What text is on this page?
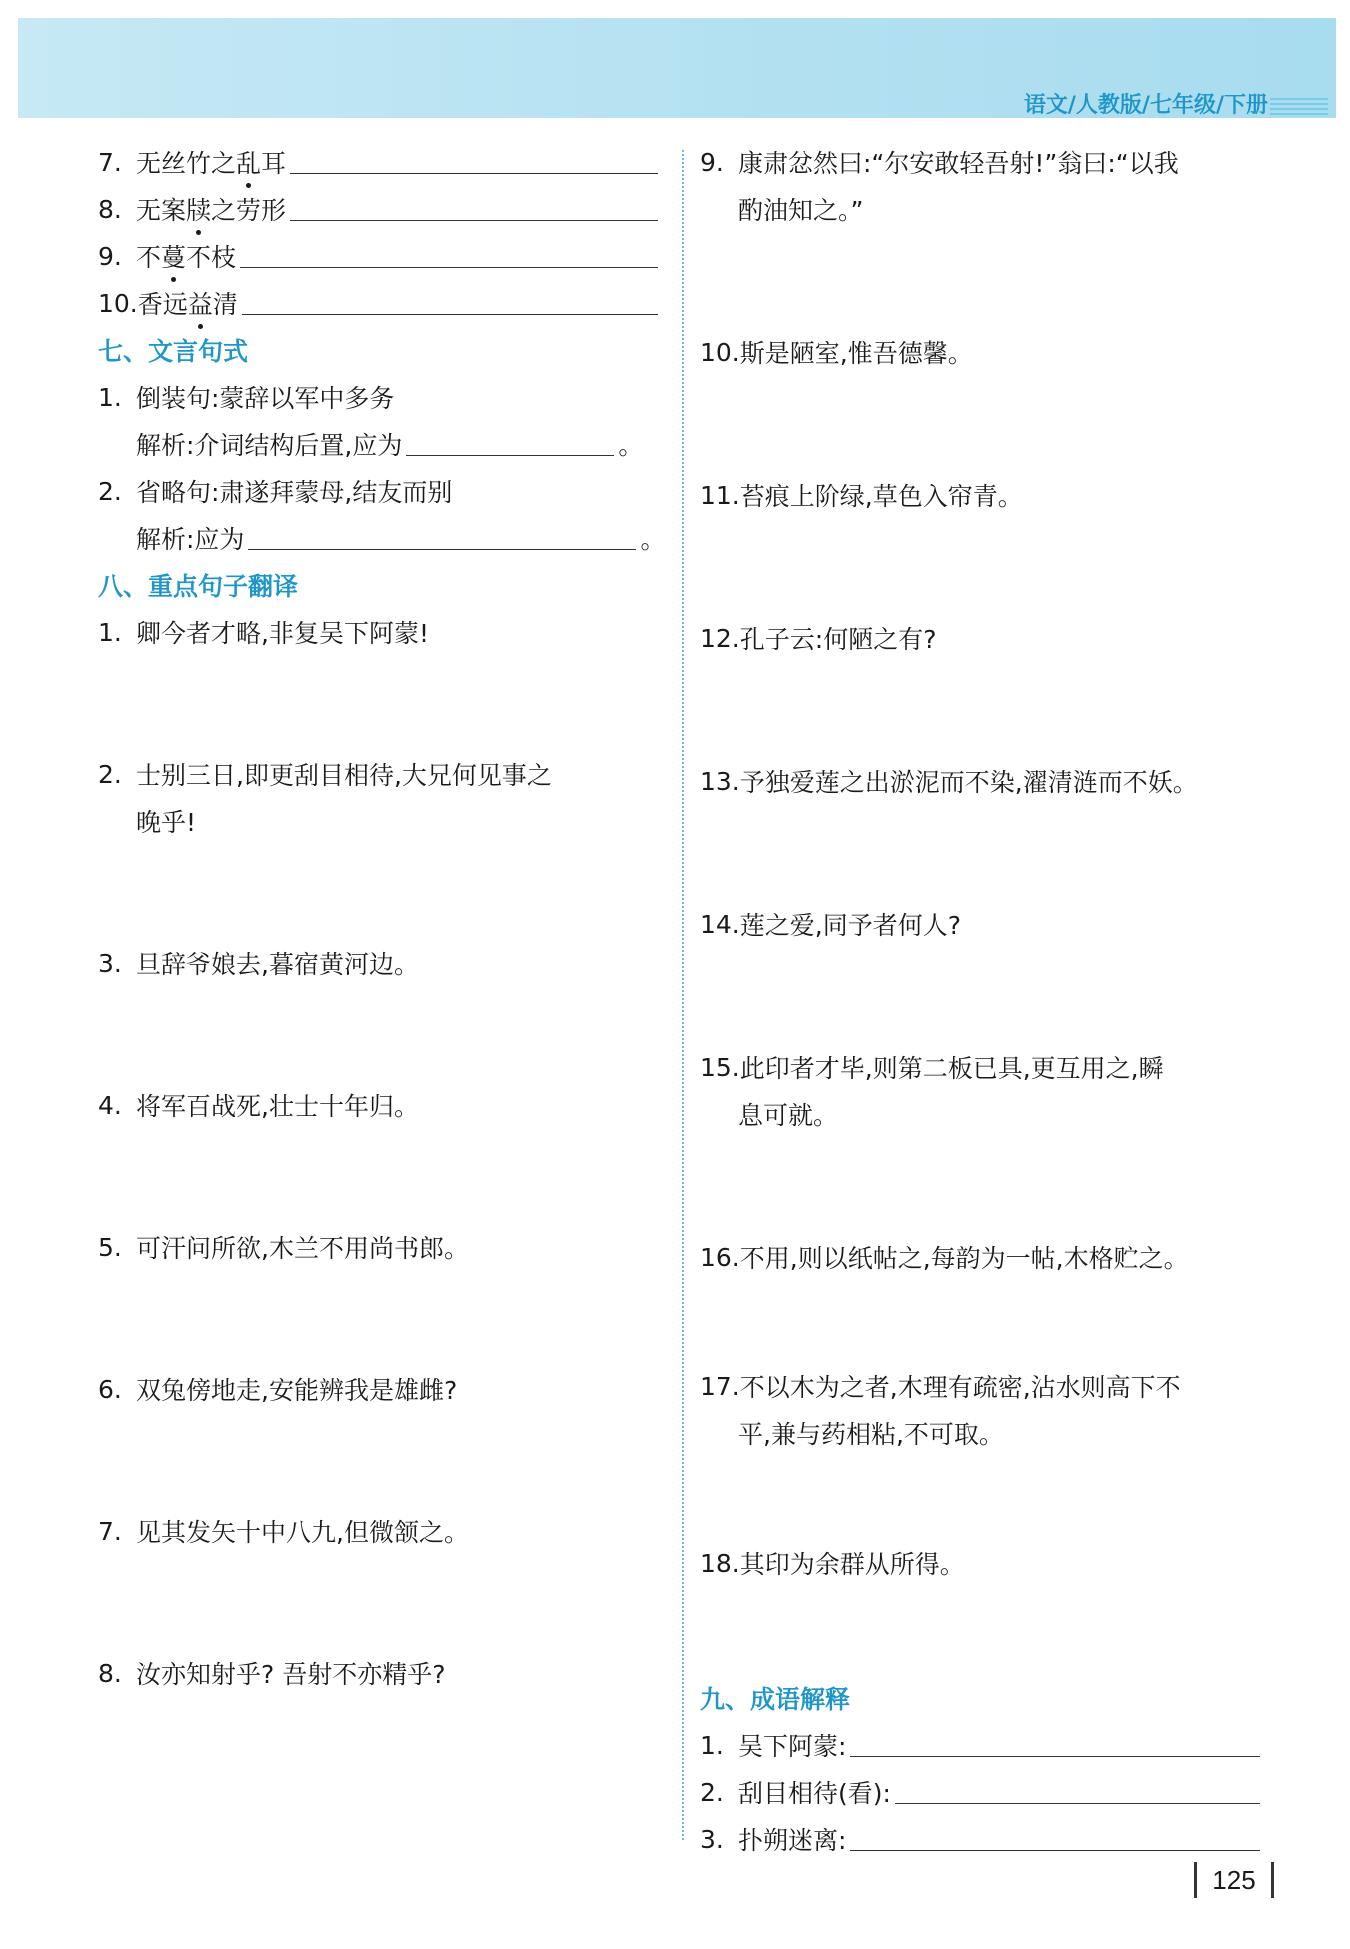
语文/人教版/七年级/下册
7. 无丝竹之 乱 耳
8. 无案 牍 之劳形
9. 不 蔓 不枝
10. 香远 益 清
七、文言句式
1. 倒装句:蒙辞以军中多务
解析:介词结构后置,应为	。
2. 省略句:肃遂拜蒙母,结友而别
解析:应为	。
八、重点句子翻译
1. 卿今者才略,非复吴下阿蒙!
2. 士别三日,即更刮目相待,大兄何见事之
晚乎!
3. 旦辞爷娘去,暮宿黄河边。
4. 将军百战死,壮士十年归。
5. 可汗问所欲,木兰不用尚书郎。
6. 双兔傍地走,安能辨我是雄雌?
7. 见其发矢十中八九,但微颔之。
8. 汝亦知射乎? 吾射不亦精乎?
9. 康肃忿然曰:“尔安敢轻吾射!”翁曰:“以我
酌油知之。”
10. 斯是陋室,惟吾德馨。
11. 苔痕上阶绿,草色入帘青。
12. 孔子云:何陋之有?
13. 予独爱莲之出淤泥而不染,濯清涟而不妖。
14. 莲之爱,同予者何人?
15. 此印者才毕,则第二板已具,更互用之,瞬
息可就。
16. 不用,则以纸帖之,每韵为一帖,木格贮之。
17. 不以木为之者,木理有疏密,沾水则高下不
平,兼与药相粘,不可取。
18. 其印为余群从所得。
九、成语解释
1. 吴下阿蒙:
2. 刮目相待(看):
3. 扑朔迷离:
125
